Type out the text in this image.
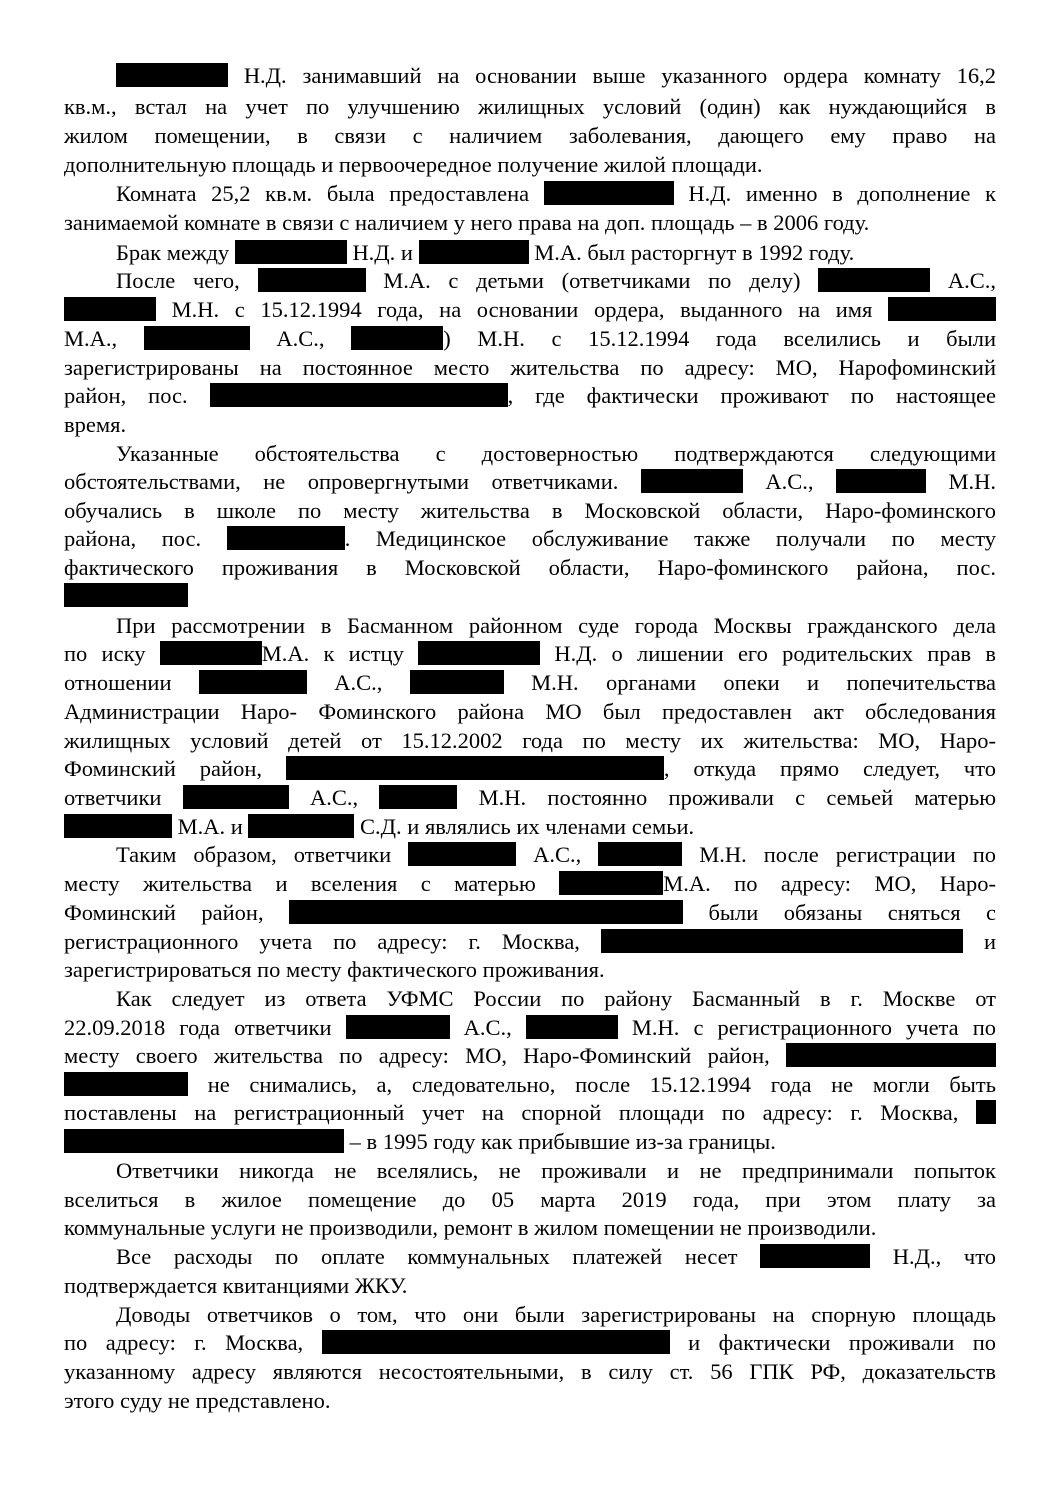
Н.Д. занимавший на основании выше указанного ордера комнату 16,2
кв.м., встал на учет по улучшению жилищных условий (один) как нуждающийся в
жилом помещении, в связи с наличием заболевания, дающего ему право на
дополнительную площадь и первоочередное получение жилой площади.
Комната 25,2 кв.м. была предоставлена	Н.Д. именно в дополнение к
занимаемой комнате в связи с наличием у него права на доп. площадь – в 2006 году.
Брак между	Н.Д. и	М.А. был расторгнут в 1992 году.
После чего,	М.А. с детьми (ответчиками по делу)	А.С.,
М.Н. с 15.12.1994 года, на основании ордера, выданного на имя
М.А.,	А.С.,	) М.Н. с 15.12.1994 года вселились и были
зарегистрированы на постоянное место жительства по адресу: МО, Нарофоминский
район, пос.	, где фактически проживают по настоящее
время.
Указанные обстоятельства с достоверностью подтверждаются следующими
обстоятельствами, не опровергнутыми ответчиками.	А.С.,	М.Н.
обучались в школе по месту жительства в Московской области, Наро-фоминского
района, пос.	. Медицинское обслуживание также получали по месту
фактического проживания в Московской области, Наро-фоминского района, пос.
При рассмотрении в Басманном районном суде города Москвы гражданского дела
по иску	М.А. к истцу	Н.Д. о лишении его родительских прав в
отношении	А.С.,	М.Н. органами опеки и попечительства
Администрации Наро- Фоминского района МО был предоставлен акт обследования
жилищных условий детей от 15.12.2002 года по месту их жительства: МО, Наро-
Фоминский район,	, откуда прямо следует, что
ответчики	А.С.,	М.Н. постоянно проживали с семьей матерью
М.А. и	С.Д. и являлись их членами семьи.
Таким образом, ответчики	А.С.,	М.Н. после регистрации по
месту жительства и вселения с матерью	М.А. по адресу: МО, Наро-
Фоминский район,	были обязаны сняться с
регистрационного учета по адресу: г. Москва,	и
зарегистрироваться по месту фактического проживания.
Как следует из ответа УФМС России по району Басманный в г. Москве от
22.09.2018 года ответчики	А.С.,	М.Н. с регистрационного учета по
месту своего жительства по адресу: МО, Наро-Фоминский район,
не снимались, а, следовательно, после 15.12.1994 года не могли быть
поставлены на регистрационный учет на спорной площади по адресу: г. Москва,
– в 1995 году как прибывшие из-за границы.
Ответчики никогда не вселялись, не проживали и не предпринимали попыток
вселиться в жилое помещение до 05 марта 2019 года, при этом плату за
коммунальные услуги не производили, ремонт в жилом помещении не производили.
Все расходы по оплате коммунальных платежей несет	Н.Д., что
подтверждается квитанциями ЖКУ.
Доводы ответчиков о том, что они были зарегистрированы на спорную площадь
по адресу: г. Москва,	и фактически проживали по
указанному адресу являются несостоятельными, в силу ст. 56 ГПК РФ, доказательств
этого суду не представлено.
